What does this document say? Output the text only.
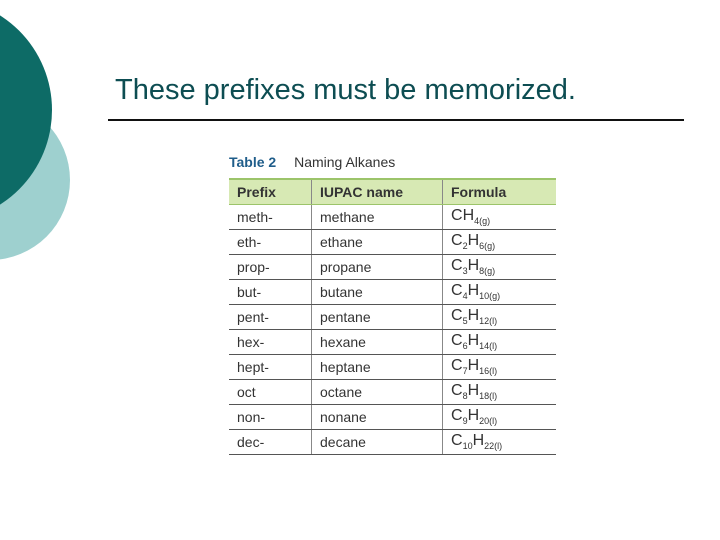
These prefixes must be memorized.
Table 2 Naming Alkanes
Prefix	IUPAC name	Formula
meth-	methane	$CH_{4(g)}$
eth-	ethane	$C_2H_{6(g)}$
prop-	propane	$C_3H_{8(g)}$
but-	butane	$C_4H_{10(g)}$
pent-	pentane	$C_5H_{12(l)}$
hex-	hexane	$C_6H_{14(l)}$
hept-	heptane	$C_7H_{16(l)}$
oct	octane	$C_8H_{18(l)}$
non-	nonane	$C_9H_{20(l)}$
dec-	decane	$C_{10}H_{22(l)}$
